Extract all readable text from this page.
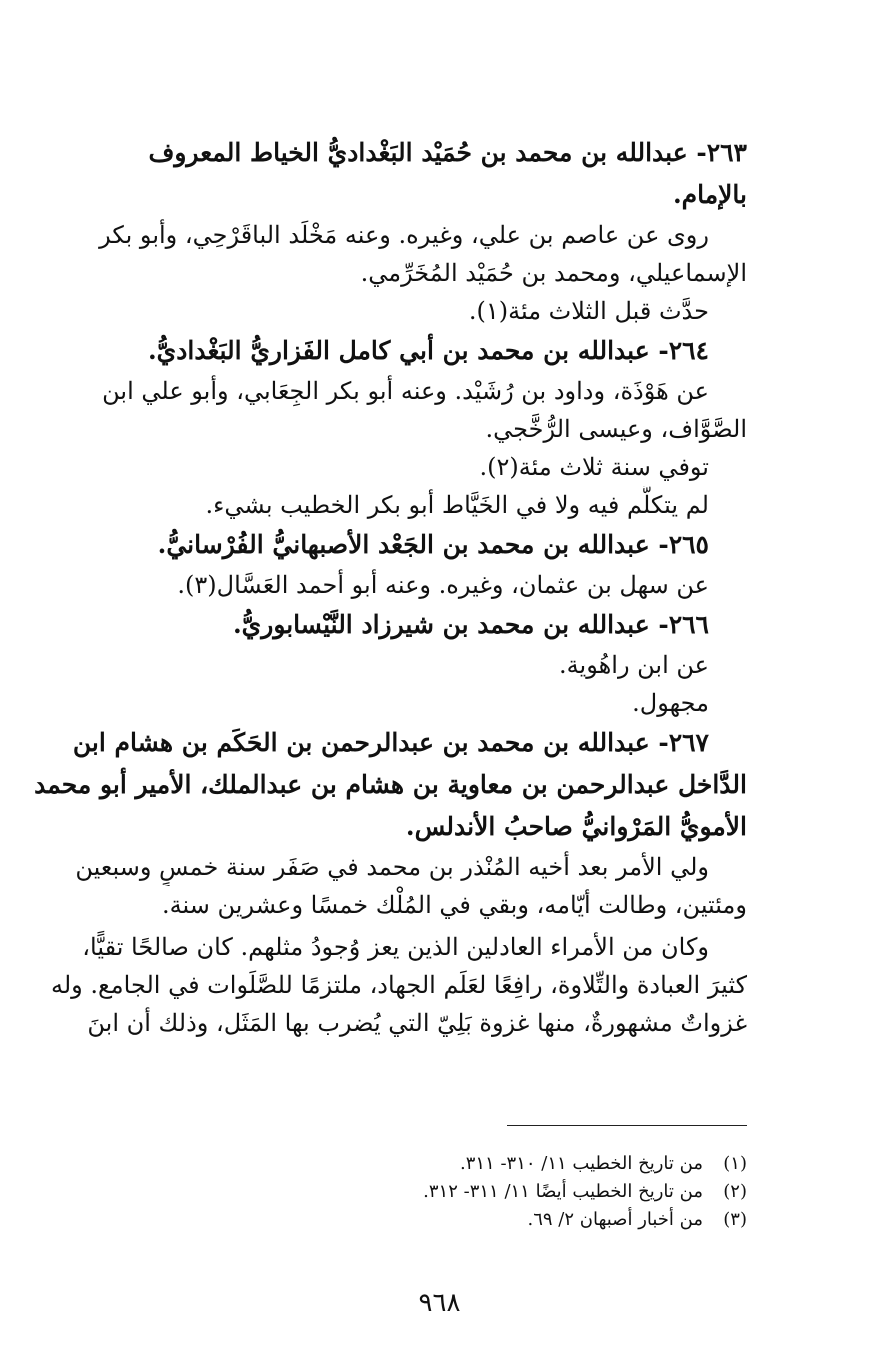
٢٦٣- عبدالله بن محمد بن حُمَيْد البَغْداديُّ الخياط المعروف
بالإمام.
روى عن عاصم بن علي، وغيره. وعنه مَخْلَد الباقَرْحِي، وأبو بكر
الإسماعيلي، ومحمد بن حُمَيْد المُخَرِّمي.
حدَّث قبل الثلاث مئة(١).
٢٦٤- عبدالله بن محمد بن أبي كامل الفَزاريُّ البَغْداديُّ.
عن هَوْذَة، وداود بن رُشَيْد. وعنه أبو بكر الجِعَابي، وأبو علي ابن
الصَّوَّاف، وعيسى الرُّخَّجي.
توفي سنة ثلاث مئة(٢).
لم يتكلَّم فيه ولا في الخَيَّاط أبو بكر الخطيب بشيء.
٢٦٥- عبدالله بن محمد بن الجَعْد الأصبهانيُّ الفُرْسانيُّ.
عن سهل بن عثمان، وغيره. وعنه أبو أحمد العَسَّال(٣).
٢٦٦- عبدالله بن محمد بن شيرزاد النَّيْسابوريُّ.
عن ابن راهُوية.
مجهول.
٢٦٧- عبدالله بن محمد بن عبدالرحمن بن الحَكَم بن هشام ابن
الدَّاخل عبدالرحمن بن معاوية بن هشام بن عبدالملك، الأمير أبو محمد
الأمويُّ المَرْوانيُّ صاحبُ الأندلس.
ولي الأمر بعد أخيه المُنْذر بن محمد في صَفَر سنة خمسٍ وسبعين
ومئتين، وطالت أيّامه، وبقي في المُلْك خمسًا وعشرين سنة.
وكان من الأمراء العادلين الذين يعز وُجودُ مثلهم. كان صالحًا تقيًّا،
كثيرَ العبادة والتِّلاوة، رافِعًا لعَلَم الجهاد، ملتزمًا للصَّلَوات في الجامع. وله
غزواتٌ مشهورةٌ، منها غزوة بَلِيّ التي يُضرب بها المَثَل، وذلك أن ابنَ
(١)
من تاريخ الخطيب ١١/ ٣١٠- ٣١١.
(٢)
من تاريخ الخطيب أيضًا ١١/ ٣١١- ٣١٢.
(٣)
من أخبار أصبهان ٢/ ٦٩.
٩٦٨
